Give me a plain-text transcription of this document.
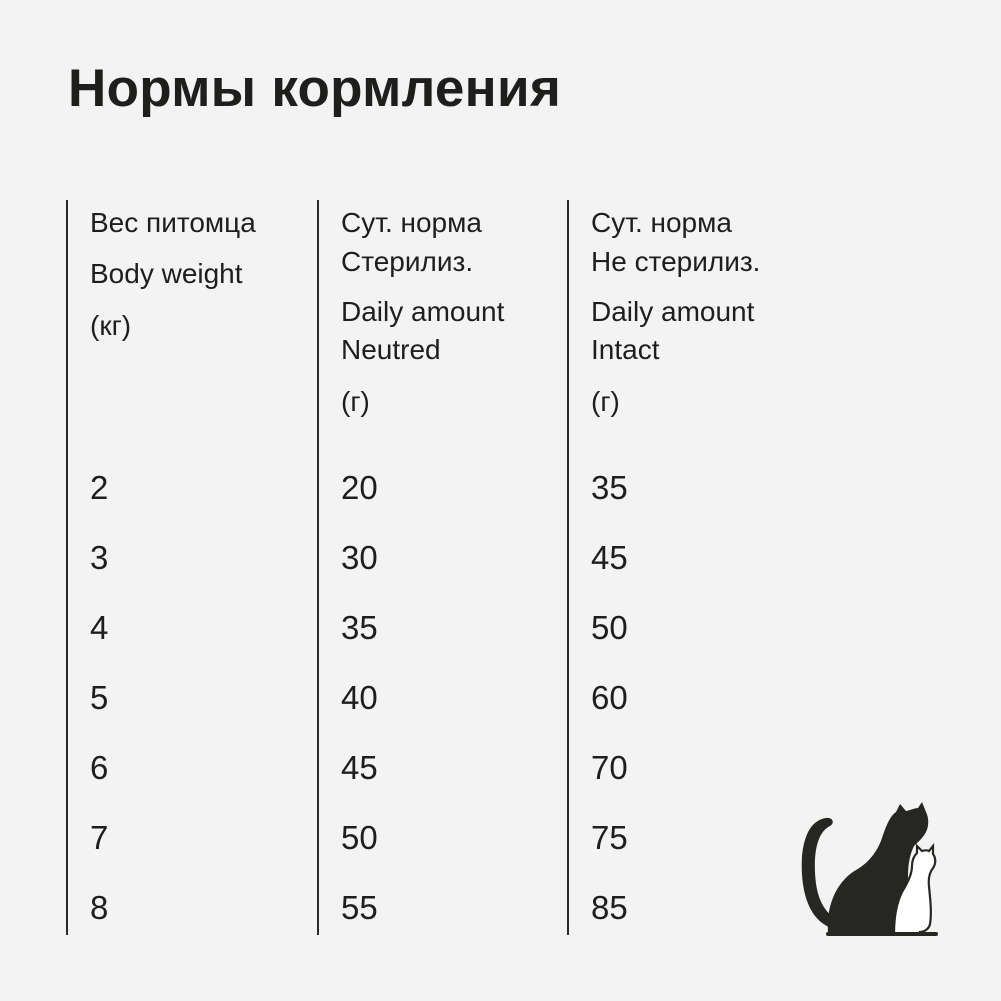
Нормы кормления
Вес питомца
Body weight
(кг)
2
3
4
5
6
7
8
Сут. норма
Стерилиз.
Daily amount
Neutred
(г)
20
30
35
40
45
50
55
Сут. норма
Не стерилиз.
Daily amount
Intact
(г)
35
45
50
60
70
75
85
